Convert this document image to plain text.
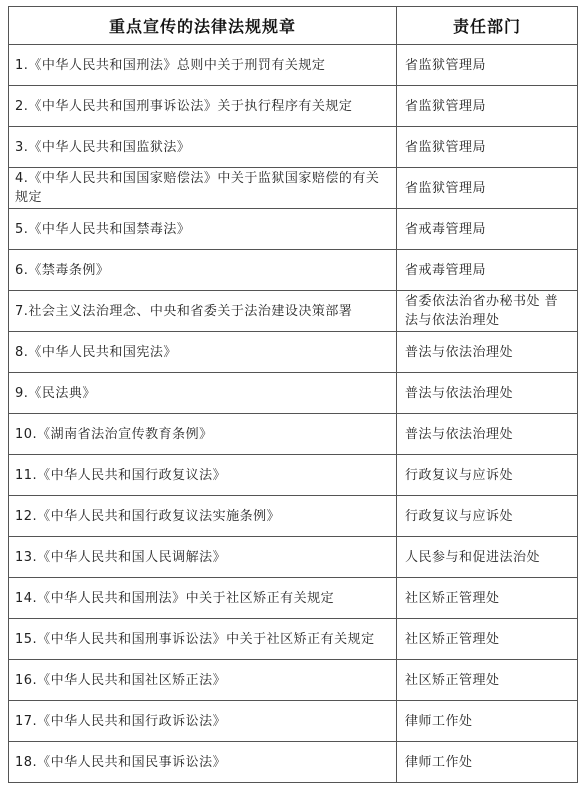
重点宣传的法律法规规章	责任部门
1.《中华人民共和国刑法》总则中关于刑罚有关规定	省监狱管理局
2.《中华人民共和国刑事诉讼法》关于执行程序有关规定	省监狱管理局
3.《中华人民共和国监狱法》	省监狱管理局
4.《中华人民共和国国家赔偿法》中关于监狱国家赔偿的有关规定	省监狱管理局
5.《中华人民共和国禁毒法》	省戒毒管理局
6.《禁毒条例》	省戒毒管理局
7.社会主义法治理念、中央和省委关于法治建设决策部署	省委依法治省办秘书处 普法与依法治理处
8.《中华人民共和国宪法》	普法与依法治理处
9.《民法典》	普法与依法治理处
10.《湖南省法治宣传教育条例》	普法与依法治理处
11.《中华人民共和国行政复议法》	行政复议与应诉处
12.《中华人民共和国行政复议法实施条例》	行政复议与应诉处
13.《中华人民共和国人民调解法》	人民参与和促进法治处
14.《中华人民共和国刑法》中关于社区矫正有关规定	社区矫正管理处
15.《中华人民共和国刑事诉讼法》中关于社区矫正有关规定	社区矫正管理处
16.《中华人民共和国社区矫正法》	社区矫正管理处
17.《中华人民共和国行政诉讼法》	律师工作处
18.《中华人民共和国民事诉讼法》	律师工作处
